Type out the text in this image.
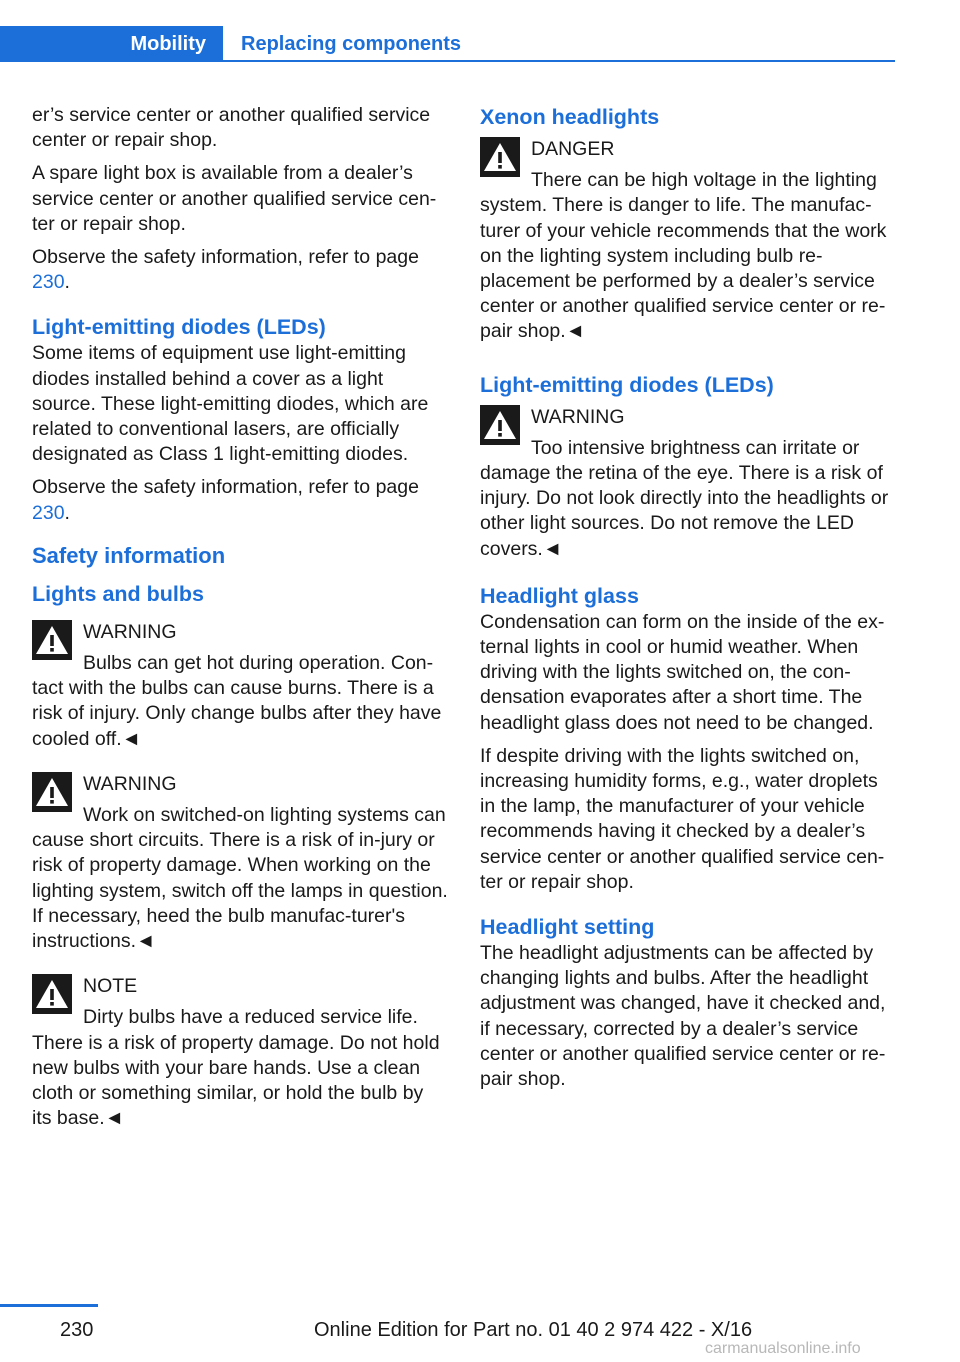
Mobility	Replacing components

er’s service center or another qualified service center or repair shop.

A spare light box is available from a dealer’s service center or another qualified service cen-ter or repair shop.

Observe the safety information, refer to page 230.

Light-emitting diodes (LEDs)

Some items of equipment use light-emitting diodes installed behind a cover as a light source. These light-emitting diodes, which are related to conventional lasers, are officially designated as Class 1 light-emitting diodes.

Observe the safety information, refer to page 230.

Safety information
Lights and bulbs
WARNING
Bulbs can get hot during operation. Con-tact with the bulbs can cause burns. There is a risk of injury. Only change bulbs after they have cooled off.◄
WARNING
Work on switched-on lighting systems can cause short circuits. There is a risk of in-jury or risk of property damage. When working on the lighting system, switch off the lamps in question. If necessary, heed the bulb manufac-turer's instructions.◄
NOTE
Dirty bulbs have a reduced service life. There is a risk of property damage. Do not hold new bulbs with your bare hands. Use a clean cloth or something similar, or hold the bulb by its base.◄
Xenon headlights
DANGER
There can be high voltage in the lighting system. There is danger to life. The manufac-turer of your vehicle recommends that the work on the lighting system including bulb re-placement be performed by a dealer’s service center or another qualified service center or re-pair shop.◄
Light-emitting diodes (LEDs)
WARNING
Too intensive brightness can irritate or damage the retina of the eye. There is a risk of injury. Do not look directly into the headlights or other light sources. Do not remove the LED covers.◄
Headlight glass

Condensation can form on the inside of the ex-ternal lights in cool or humid weather. When driving with the lights switched on, the con-densation evaporates after a short time. The headlight glass does not need to be changed.

If despite driving with the lights switched on, increasing humidity forms, e.g., water droplets in the lamp, the manufacturer of your vehicle recommends having it checked by a dealer’s service center or another qualified service cen-ter or repair shop.

Headlight setting

The headlight adjustments can be affected by changing lights and bulbs. After the headlight adjustment was changed, have it checked and, if necessary, corrected by a dealer’s service center or another qualified service center or re-pair shop.

230	Online Edition for Part no. 01 40 2 974 422 - X/16
carmanualsonline.info
